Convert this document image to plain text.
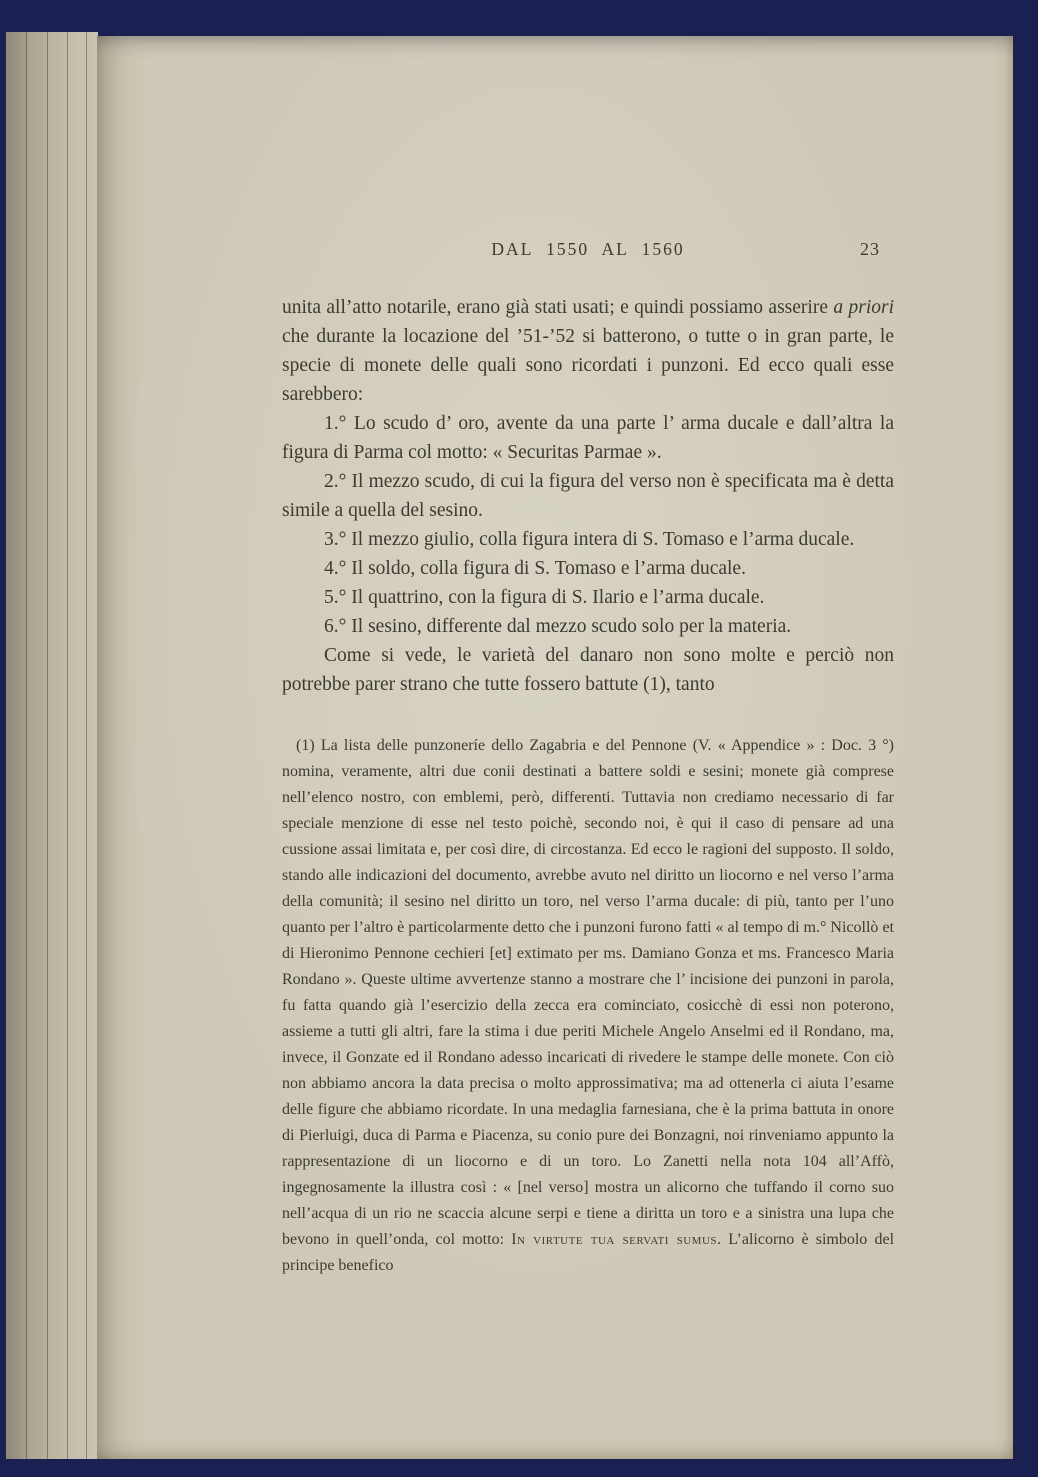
DAL 1550 AL 1560	23

unita all’atto notarile, erano già stati usati; e quindi possiamo asserire a priori che durante la locazione del ’51-’52 si batterono, o tutte o in gran parte, le specie di monete delle quali sono ricordati i punzoni. Ed ecco quali esse sarebbero:

1.° Lo scudo d’ oro, avente da una parte l’ arma ducale e dall’altra la figura di Parma col motto: « Securitas Parmae ».

2.° Il mezzo scudo, di cui la figura del verso non è specificata ma è detta simile a quella del sesino.

3.° Il mezzo giulio, colla figura intera di S. Tomaso e l’arma ducale.

4.° Il soldo, colla figura di S. Tomaso e l’arma ducale.

5.° Il quattrino, con la figura di S. Ilario e l’arma ducale.

6.° Il sesino, differente dal mezzo scudo solo per la materia.

Come si vede, le varietà del danaro non sono molte e perciò non potrebbe parer strano che tutte fossero battute (1), tanto

(1) La lista delle punzoneríe dello Zagabria e del Pennone (V. « Appendice » : Doc. 3 °) nomina, veramente, altri due conii destinati a battere soldi e sesini; monete già comprese nell’elenco nostro, con emblemi, però, differenti. Tuttavia non crediamo necessario di far speciale menzione di esse nel testo poichè, secondo noi, è qui il caso di pensare ad una cussione assai limitata e, per così dire, di circostanza. Ed ecco le ragioni del supposto. Il soldo, stando alle indicazioni del documento, avrebbe avuto nel diritto un liocorno e nel verso l’arma della comunità; il sesino nel diritto un toro, nel verso l’arma ducale: di più, tanto per l’uno quanto per l’altro è particolarmente detto che i punzoni furono fatti « al tempo di m.° Nicollò et di Hieronimo Pennone cechieri [et] extimato per ms. Damiano Gonza et ms. Francesco Maria Rondano ». Queste ultime avvertenze stanno a mostrare che l’ incisione dei punzoni in parola, fu fatta quando già l’esercizio della zecca era cominciato, cosicchè di essi non poterono, assieme a tutti gli altri, fare la stima i due periti Michele Angelo Anselmi ed il Rondano, ma, invece, il Gonzate ed il Rondano adesso incaricati di rivedere le stampe delle monete. Con ciò non abbiamo ancora la data precisa o molto approssimativa; ma ad ottenerla ci aiuta l’esame delle figure che abbiamo ricordate. In una medaglia farnesiana, che è la prima battuta in onore di Pierluigi, duca di Parma e Piacenza, su conio pure dei Bonzagni, noi rinveniamo appunto la rappresentazione di un liocorno e di un toro. Lo Zanetti nella nota 104 all’Affò, ingegnosamente la illustra così : « [nel verso] mostra un alicorno che tuffando il corno suo nell’acqua di un rio ne scaccia alcune serpi e tiene a diritta un toro e a sinistra una lupa che bevono in quell’onda, col motto: In virtute tua servati sumus. L’alicorno è simbolo del principe benefico
